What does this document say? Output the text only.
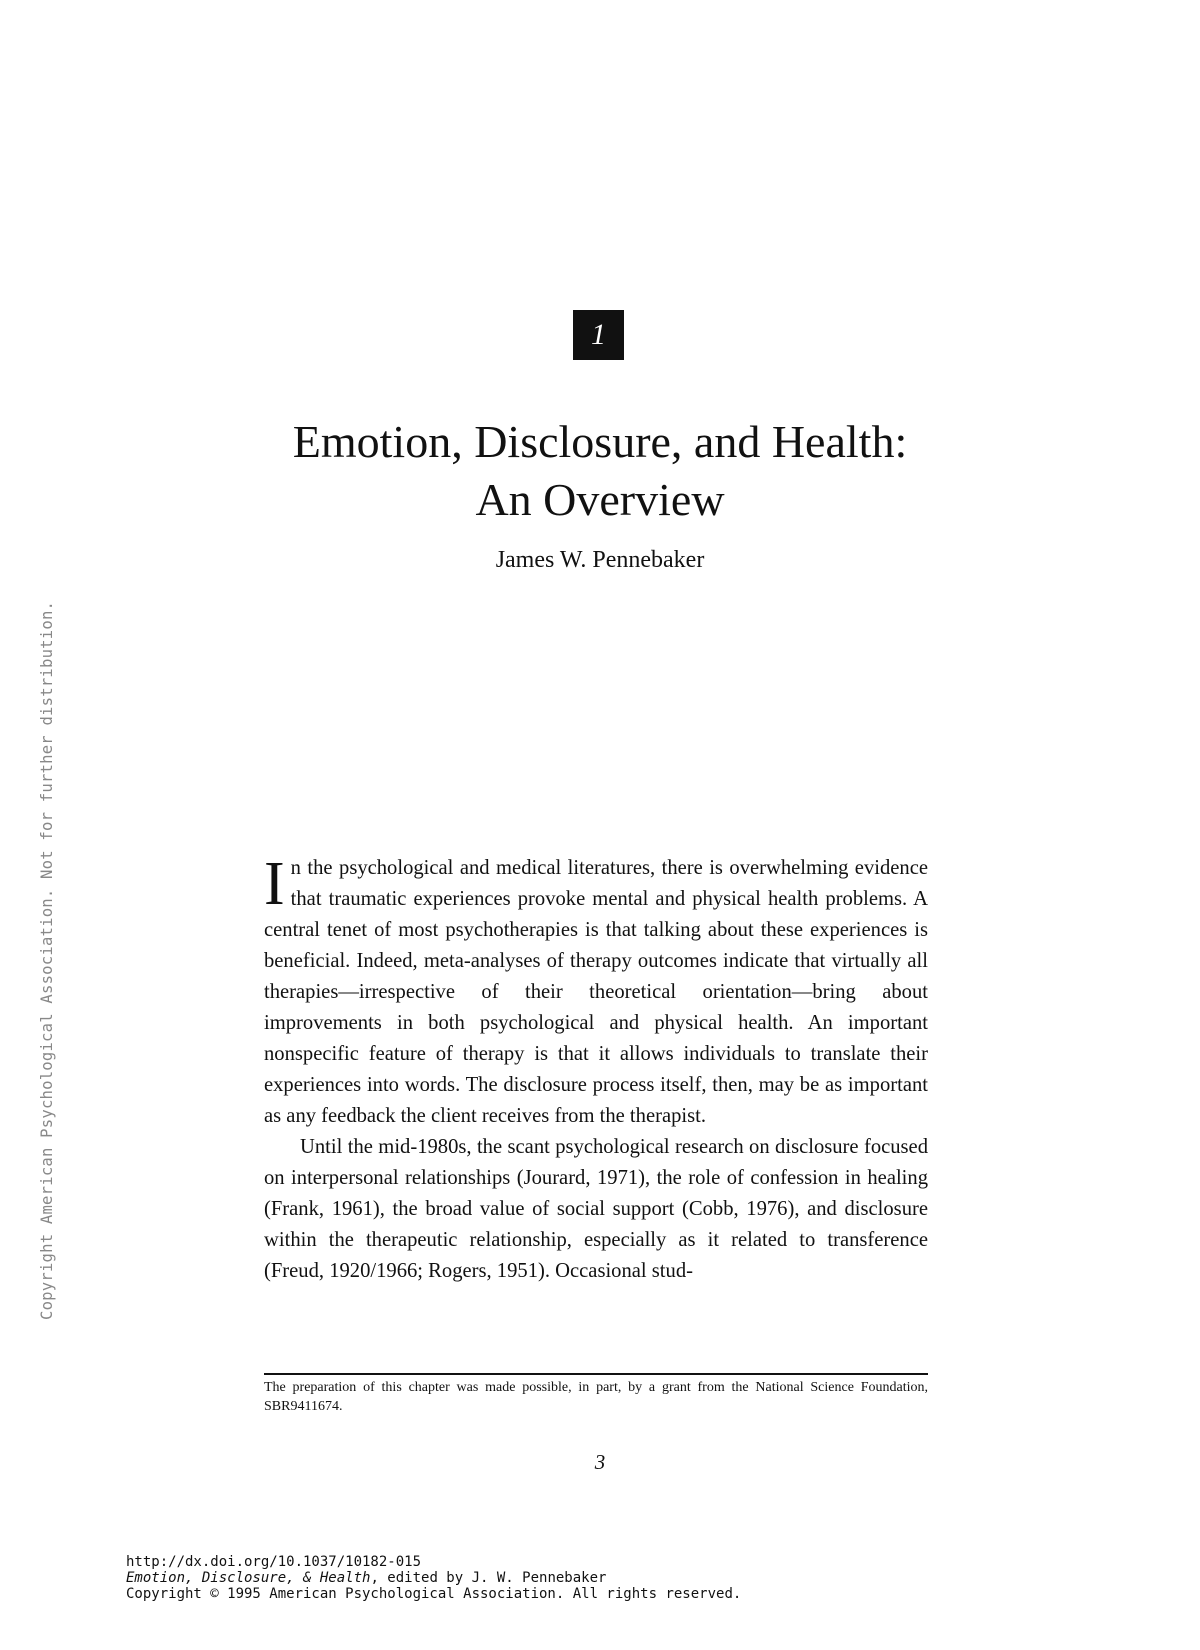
Copyright American Psychological Association. Not for further distribution.
1
Emotion, Disclosure, and Health:
An Overview
James W. Pennebaker

In the psychological and medical literatures, there is overwhelming evidence that traumatic experiences provoke mental and physical health problems. A central tenet of most psychotherapies is that talking about these experiences is beneficial. Indeed, meta-analyses of therapy outcomes indicate that virtually all therapies—irrespective of their theoretical orientation—bring about improvements in both psychological and physical health. An important nonspecific feature of therapy is that it allows individuals to translate their experiences into words. The disclosure process itself, then, may be as important as any feedback the client receives from the therapist.

Until the mid-1980s, the scant psychological research on disclosure focused on interpersonal relationships (Jourard, 1971), the role of confession in healing (Frank, 1961), the broad value of social support (Cobb, 1976), and disclosure within the therapeutic relationship, especially as it related to transference (Freud, 1920/1966; Rogers, 1951). Occasional stud-

The preparation of this chapter was made possible, in part, by a grant from the National Science Foundation, SBR9411674.
3
http://dx.doi.org/10.1037/10182-015
Emotion, Disclosure, & Health, edited by J. W. Pennebaker
Copyright © 1995 American Psychological Association. All rights reserved.
